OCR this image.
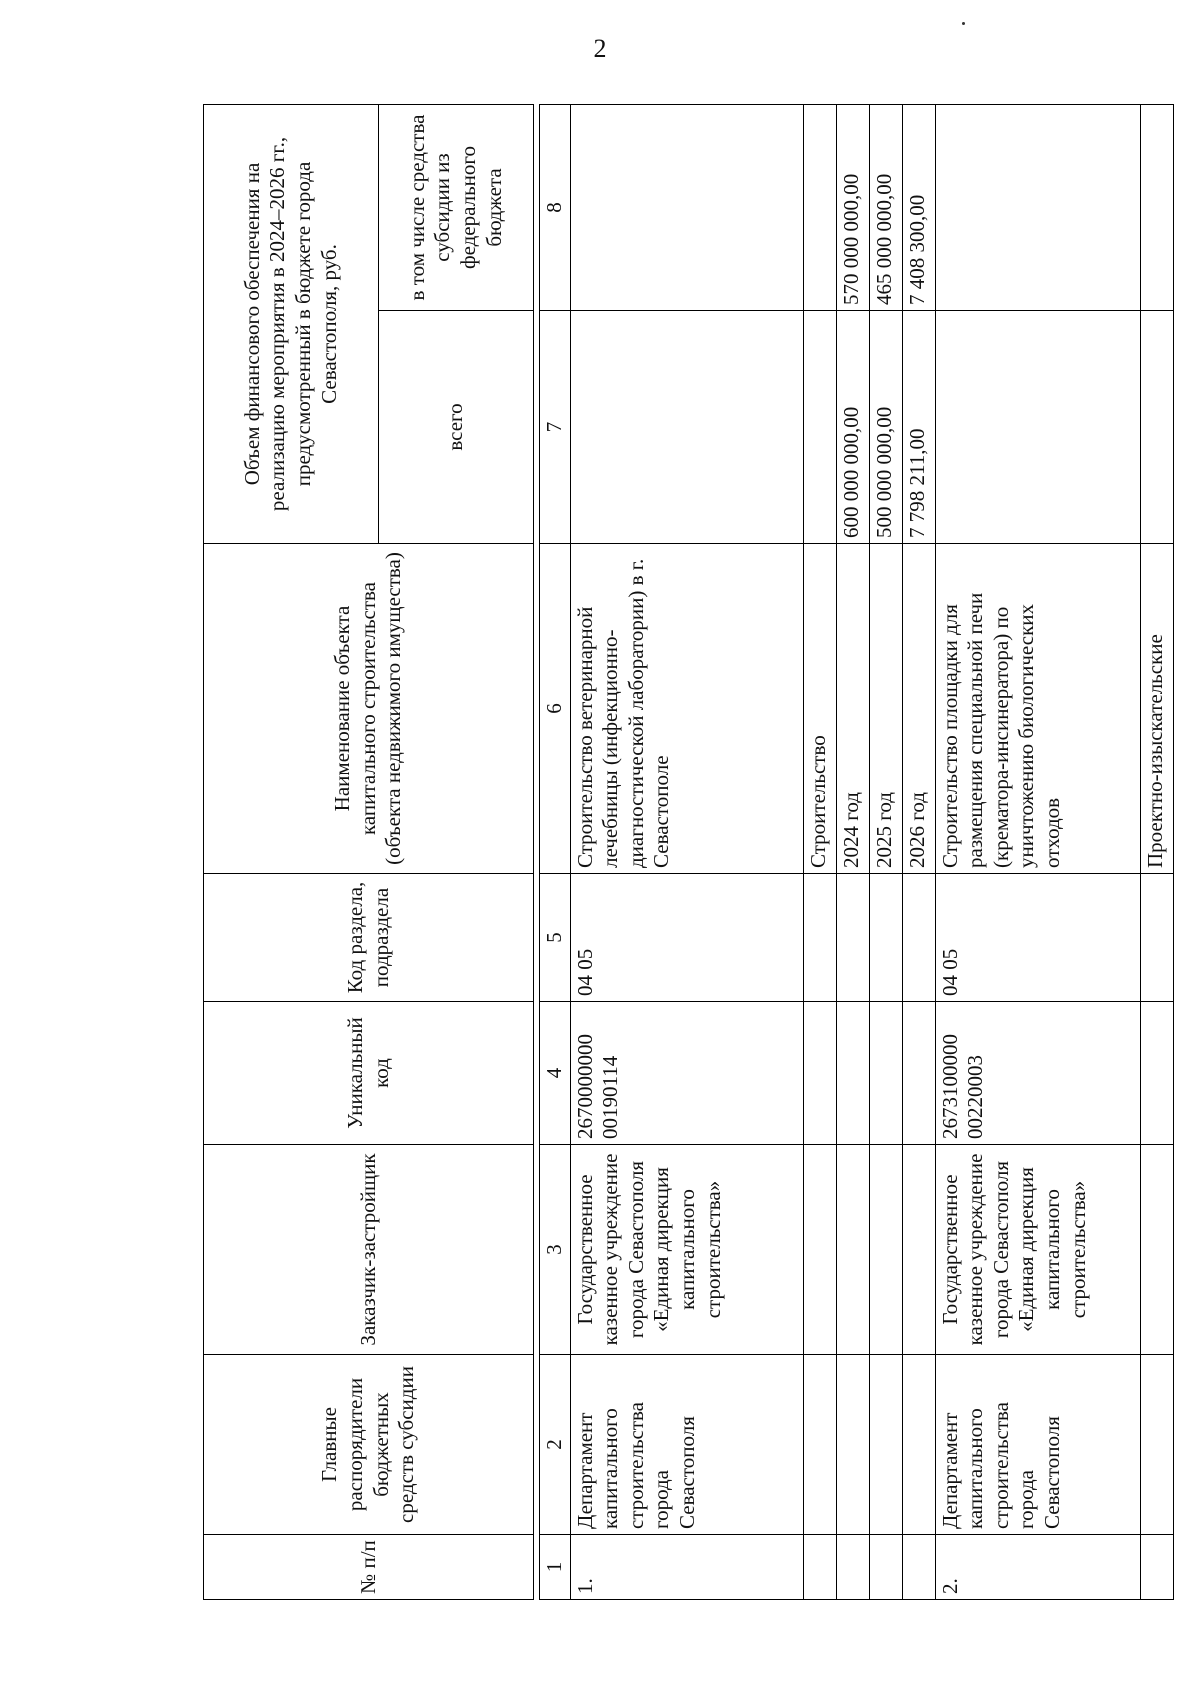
2
№ п/п	Главные распорядители бюджетных средств субсидии	Заказчик-застройщик	Уникальный код	Код раздела, подраздела	Наименование объекта капитального строительства (объекта недвижимого имущества)	Объем финансового обеспечения на реализацию мероприятия в 2024–2026 гг., предусмотренный в бюджете города Севастополя, руб.	
						всего	в том числе средства субсидии из федерального бюджета

1	2	3	4	5	6	7	8
1.	Департамент капитального строительства города Севастополя	Государственное казенное учреждение города Севастополя «Единая дирекция капитального строительства»	2670000000 00190114	04 05	Строительство ветеринарной лечебницы (инфекционно-диагностической лаборатории) в г. Севастополе		
					Строительство		
					2024 год	600 000 000,00	570 000 000,00
					2025 год	500 000 000,00	465 000 000,00
					2026 год	7 798 211,00	7 408 300,00
2.	Департамент капитального строительства города Севастополя	Государственное казенное учреждение города Севастополя «Единая дирекция капитального строительства»	2673100000 00220003	04 05	Строительство площадки для размещения специальной печи (крематора-инсинератора) по уничтожению биологических отходов		
					Проектно-изыскательские		
